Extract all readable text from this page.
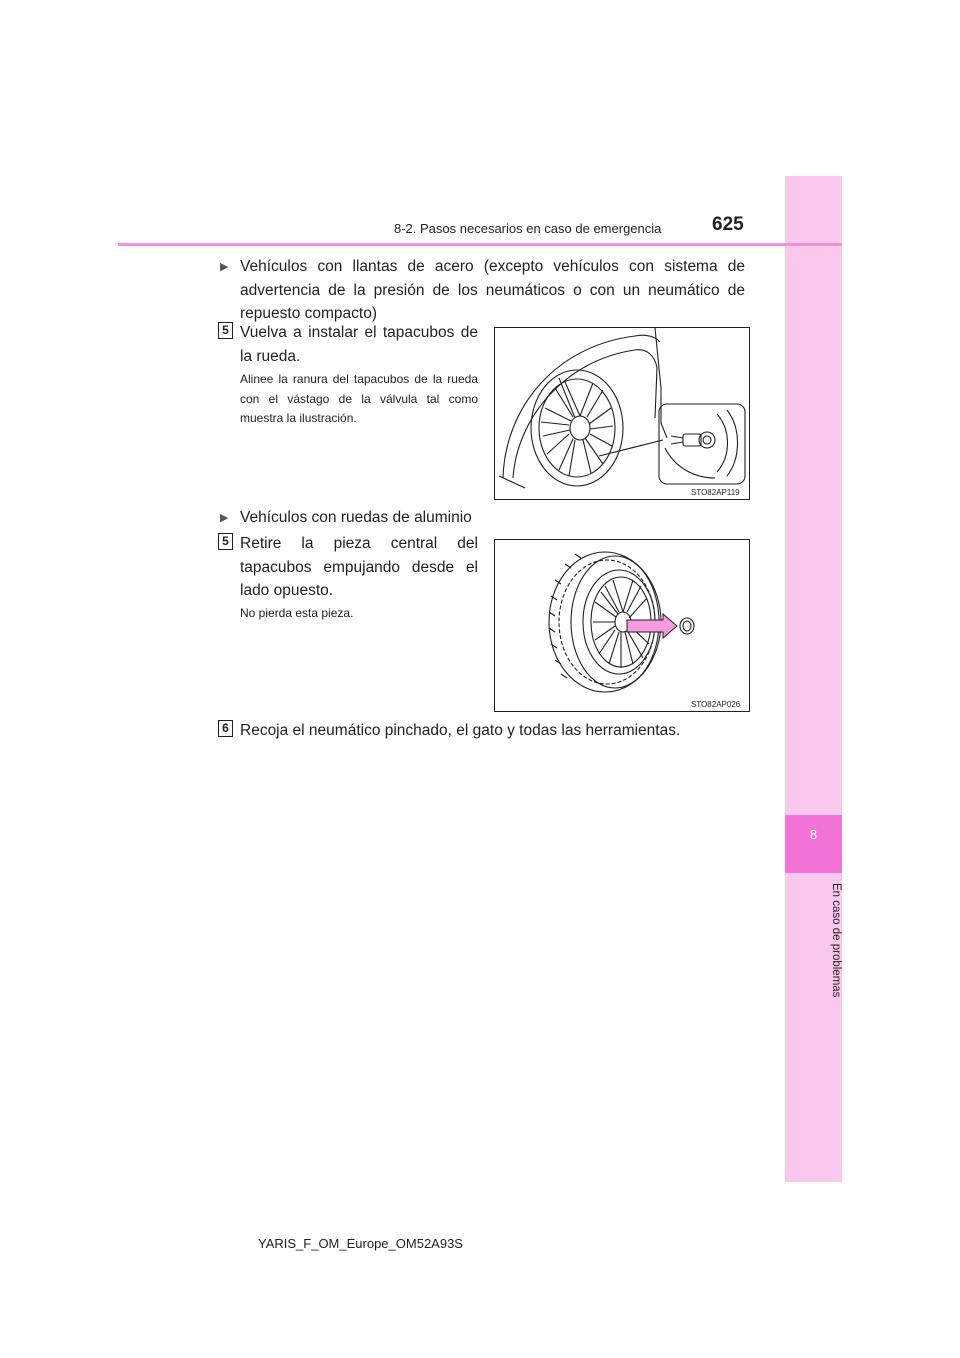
8
En caso de problemas
8-2. Pasos necesarios en caso de emergencia	625
▶ Vehículos con llantas de acero (excepto vehículos con sistema de advertencia de la presión de los neumáticos o con un neumático de repuesto compacto)
5 Vuelva a instalar el tapacubos de la rueda.
Alinee la ranura del tapacubos de la rueda con el vástago de la válvula tal como muestra la ilustración.
STO82AP119
▶ Vehículos con ruedas de aluminio
5 Retire la pieza central del tapacubos empujando desde el lado opuesto.
No pierda esta pieza.
STO82AP026
6 Recoja el neumático pinchado, el gato y todas las herramientas.
YARIS_F_OM_Europe_OM52A93S
